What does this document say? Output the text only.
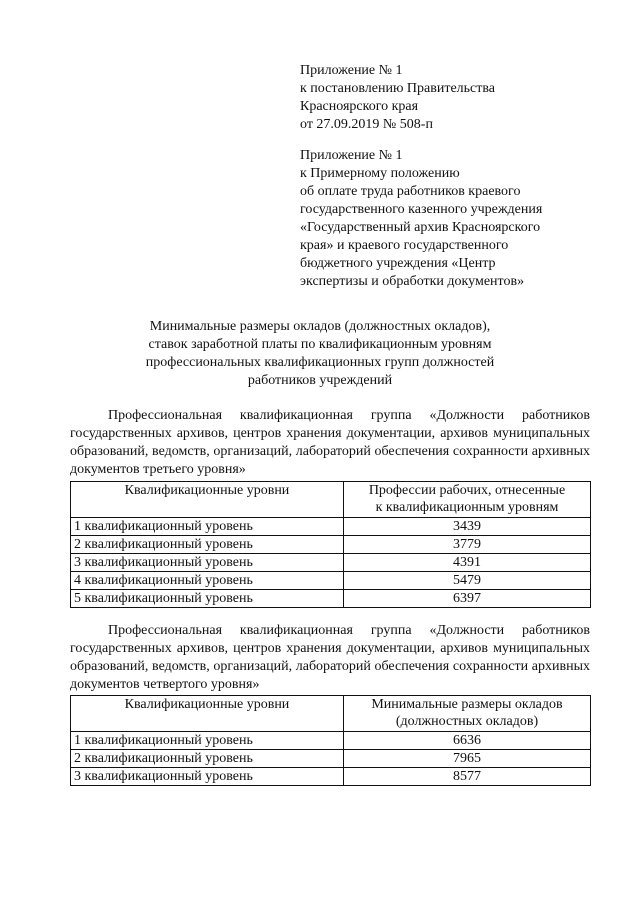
Приложение № 1

к постановлению Правительства

Красноярского края

от 27.09.2019 № 508-п

Приложение № 1

к Примерному положению

об оплате труда работников краевого

государственного казенного учреждения

«Государственный архив Красноярского

края» и краевого государственного

бюджетного учреждения «Центр

экспертизы и обработки документов»

Минимальные размеры окладов (должностных окладов),

ставок заработной платы по квалификационным уровням

профессиональных квалификационных групп должностей

работников учреждений

Профессиональная квалификационная группа «Должности работников государственных архивов, центров хранения документации, архивов муниципальных образований, ведомств, организаций, лабораторий обеспечения сохранности архивных документов третьего уровня»

Квалификационные уровни	Профессии рабочих, отнесенные
к квалификационным уровням
1 квалификационный уровень	3439
2 квалификационный уровень	3779
3 квалификационный уровень	4391
4 квалификационный уровень	5479
5 квалификационный уровень	6397

Профессиональная квалификационная группа «Должности работников государственных архивов, центров хранения документации, архивов муниципальных образований, ведомств, организаций, лабораторий обеспечения сохранности архивных документов четвертого уровня»

Квалификационные уровни	Минимальные размеры окладов
(должностных окладов)
1 квалификационный уровень	6636
2 квалификационный уровень	7965
3 квалификационный уровень	8577
